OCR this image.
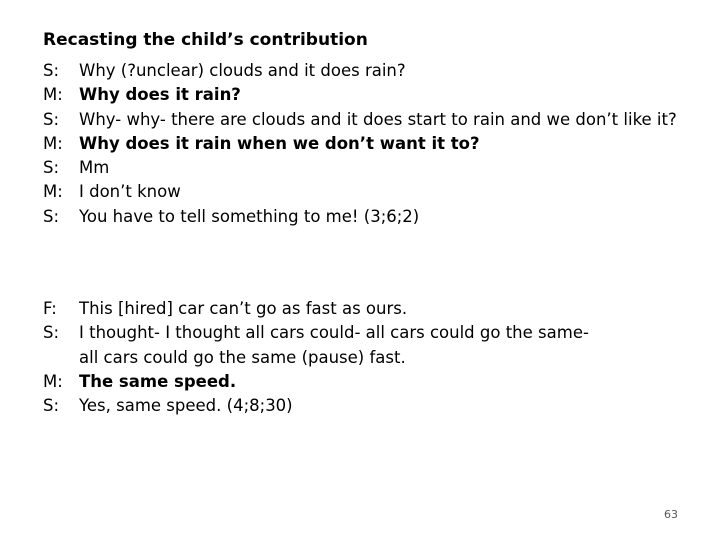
Recasting the child’s contribution
S: Why (?unclear) clouds and it does rain?
M: Why does it rain?
S: Why- why- there are clouds and it does start to rain and we don’t like it?
M: Why does it rain when we don’t want it to?
S: Mm
M: I don’t know
S: You have to tell something to me! (3;6;2)
F: This [hired] car can’t go as fast as ours.
S: I thought- I thought all cars could- all cars could go the same-
all cars could go the same (pause) fast.
M: The same speed.
S: Yes, same speed. (4;8;30)
63
